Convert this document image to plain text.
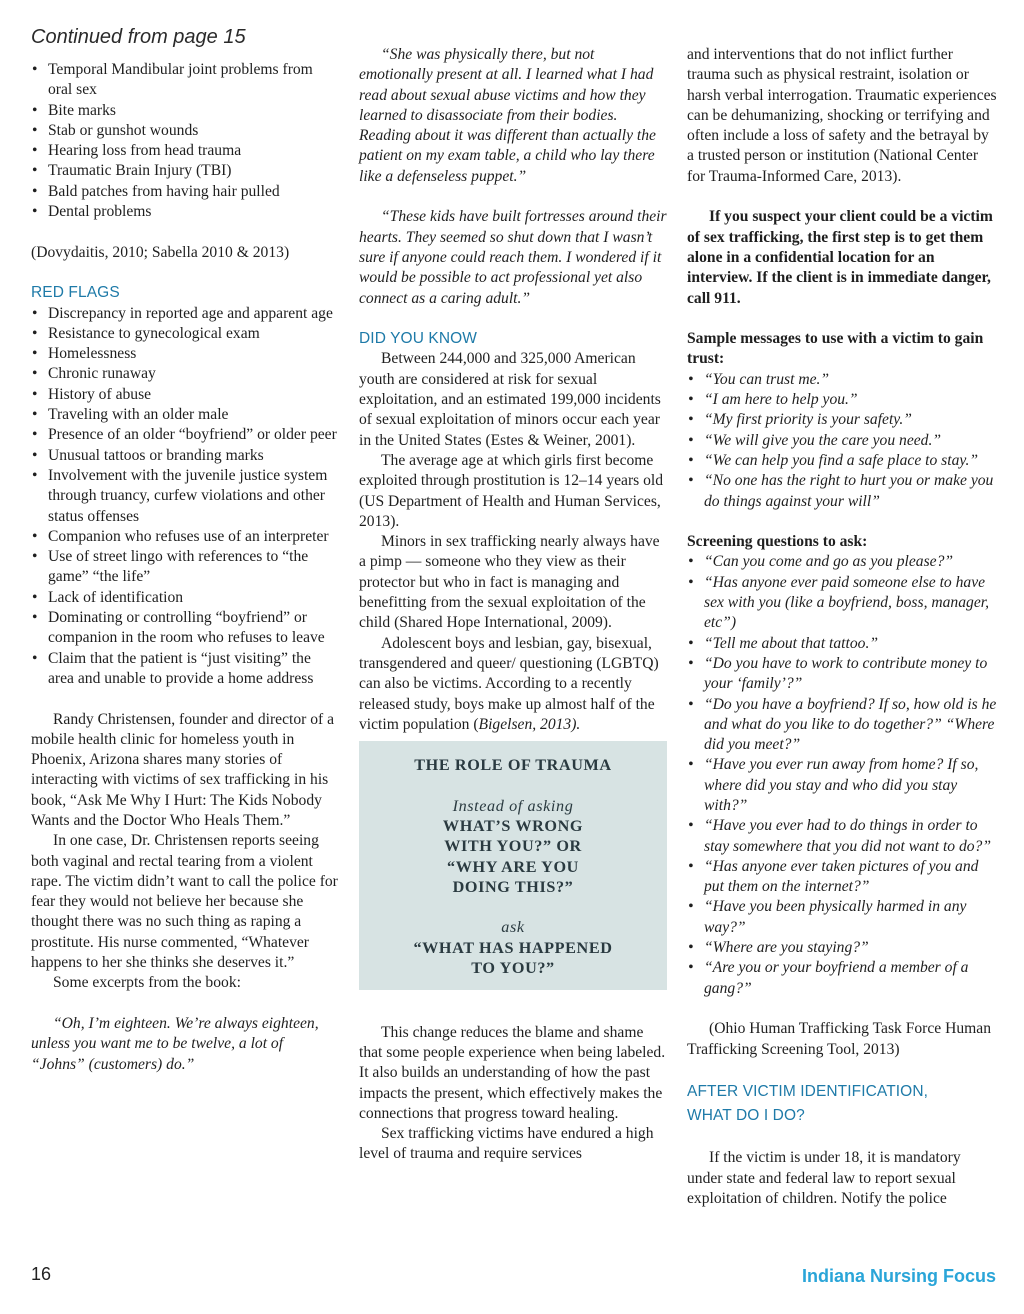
Continued from page 15
• Temporal Mandibular joint problems from oral sex
• Bite marks
• Stab or gunshot wounds
• Hearing loss from head trauma
• Traumatic Brain Injury (TBI)
• Bald patches from having hair pulled
• Dental problems

(Dovydaitis, 2010; Sabella 2010 & 2013)

RED FLAGS
• Discrepancy in reported age and apparent age
• Resistance to gynecological exam
• Homelessness
• Chronic runaway
• History of abuse
• Traveling with an older male
• Presence of an older “boyfriend” or older peer
• Unusual tattoos or branding marks
• Involvement with the juvenile justice system through truancy, curfew violations and other status offenses
• Companion who refuses use of an interpreter
• Use of street lingo with references to “the game” “the life”
• Lack of identification
• Dominating or controlling “boyfriend” or companion in the room who refuses to leave
• Claim that the patient is “just visiting” the area and unable to provide a home address

Randy Christensen, founder and director of a mobile health clinic for homeless youth in Phoenix, Arizona shares many stories of interacting with victims of sex trafficking in his book, “Ask Me Why I Hurt: The Kids Nobody Wants and the Doctor Who Heals Them.”

In one case, Dr. Christensen reports seeing both vaginal and rectal tearing from a violent rape. The victim didn’t want to call the police for fear they would not believe her because she thought there was no such thing as raping a prostitute. His nurse commented, “Whatever happens to her she thinks she deserves it.”

Some excerpts from the book:

“Oh, I’m eighteen. We’re always eighteen, unless you want me to be twelve, a lot of “Johns” (customers) do.”

“She was physically there, but not emotionally present at all. I learned what I had read about sexual abuse victims and how they learned to disassociate from their bodies. Reading about it was different than actually the patient on my exam table, a child who lay there like a defenseless puppet.”

“These kids have built fortresses around their hearts. They seemed so shut down that I wasn’t sure if anyone could reach them. I wondered if it would be possible to act professional yet also connect as a caring adult.”

DID YOU KNOW

Between 244,000 and 325,000 American youth are considered at risk for sexual exploitation, and an estimated 199,000 incidents of sexual exploitation of minors occur each year in the United States (Estes & Weiner, 2001).

The average age at which girls first become exploited through prostitution is 12–14 years old (US Department of Health and Human Services, 2013).

Minors in sex trafficking nearly always have a pimp — someone who they view as their protector but who in fact is managing and benefitting from the sexual exploitation of the child (Shared Hope International, 2009).

Adolescent boys and lesbian, gay, bisexual, transgendered and queer/ questioning (LGBTQ) can also be victims. According to a recently released study, boys make up almost half of the victim population (Bigelsen, 2013).

THE ROLE OF TRAUMA
Instead of asking
WHAT’S WRONG
WITH YOU?” OR
“WHY ARE YOU
DOING THIS?”
ask
“WHAT HAS HAPPENED
TO YOU?”

This change reduces the blame and shame that some people experience when being labeled. It also builds an understanding of how the past impacts the present, which effectively makes the connections that progress toward healing.

Sex trafficking victims have endured a high level of trauma and require services

and interventions that do not inflict further trauma such as physical restraint, isolation or harsh verbal interrogation. Traumatic experiences can be dehumanizing, shocking or terrifying and often include a loss of safety and the betrayal by a trusted person or institution (National Center for Trauma-Informed Care, 2013).

If you suspect your client could be a victim of sex trafficking, the first step is to get them alone in a confidential location for an interview. If the client is in immediate danger, call 911.

Sample messages to use with a victim to gain trust:

• “You can trust me.”
• “I am here to help you.”
• “My first priority is your safety.”
• “We will give you the care you need.”
• “We can help you find a safe place to stay.”
• “No one has the right to hurt you or make you do things against your will”

Screening questions to ask:

• “Can you come and go as you please?”
• “Has anyone ever paid someone else to have sex with you (like a boyfriend, boss, manager, etc”)
• “Tell me about that tattoo.”
• “Do you have to work to contribute money to your ‘family’?”
• “Do you have a boyfriend? If so, how old is he and what do you like to do together?” “Where did you meet?”
• “Have you ever run away from home? If so, where did you stay and who did you stay with?”
• “Have you ever had to do things in order to stay somewhere that you did not want to do?”
• “Has anyone ever taken pictures of you and put them on the internet?”
• “Have you been physically harmed in any way?”
• “Where are you staying?”
• “Are you or your boyfriend a member of a gang?”

(Ohio Human Trafficking Task Force Human Trafficking Screening Tool, 2013)

AFTER VICTIM IDENTIFICATION,
WHAT DO I DO?

If the victim is under 18, it is mandatory under state and federal law to report sexual exploitation of children. Notify the police

16	Indiana Nursing Focus
